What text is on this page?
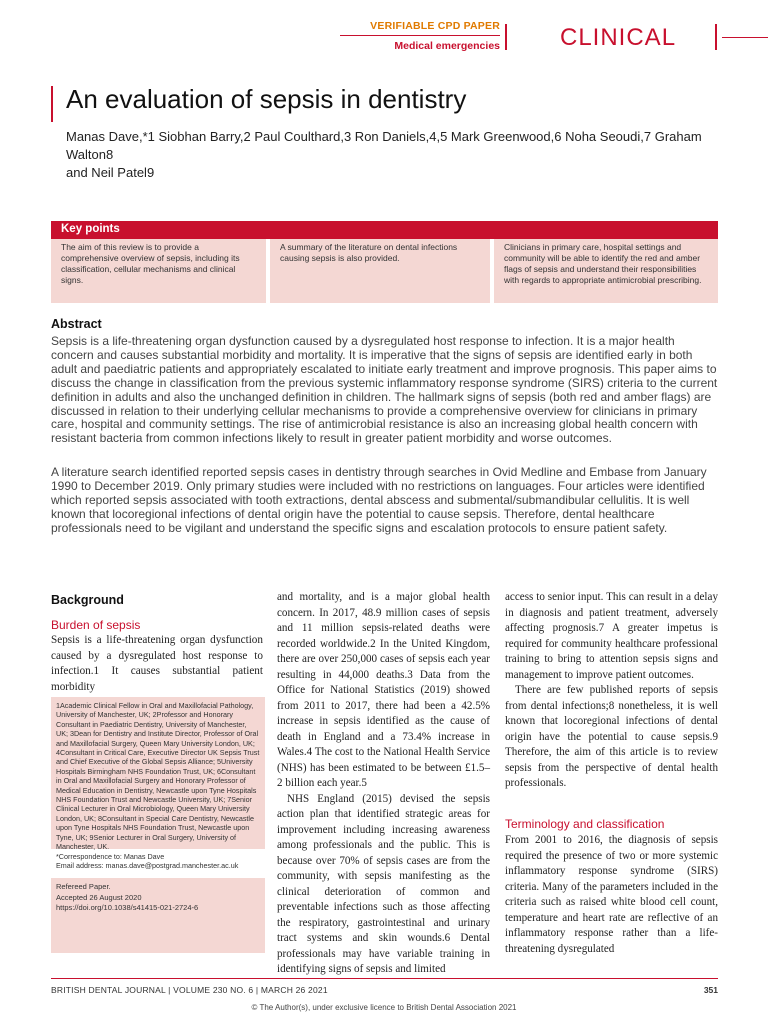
VERIFIABLE CPD PAPER
Medical emergencies	CLINICAL
An evaluation of sepsis in dentistry
Manas Dave,*1 Siobhan Barry,2 Paul Coulthard,3 Ron Daniels,4,5 Mark Greenwood,6 Noha Seoudi,7 Graham Walton8
and Neil Patel9
Key points
The aim of this review is to provide a comprehensive overview of sepsis, including its classification, cellular mechanisms and clinical signs.
A summary of the literature on dental infections causing sepsis is also provided.
Clinicians in primary care, hospital settings and community will be able to identify the red and amber flags of sepsis and understand their responsibilities with regards to appropriate antimicrobial prescribing.
Abstract
Sepsis is a life-threatening organ dysfunction caused by a dysregulated host response to infection. It is a major health concern and causes substantial morbidity and mortality. It is imperative that the signs of sepsis are identified early in both adult and paediatric patients and appropriately escalated to initiate early treatment and improve prognosis. This paper aims to discuss the change in classification from the previous systemic inflammatory response syndrome (SIRS) criteria to the current definition in adults and also the unchanged definition in children. The hallmark signs of sepsis (both red and amber flags) are discussed in relation to their underlying cellular mechanisms to provide a comprehensive overview for clinicians in primary care, hospital and community settings. The rise of antimicrobial resistance is also an increasing global health concern with resistant bacteria from common infections likely to result in greater patient morbidity and worse outcomes.
A literature search identified reported sepsis cases in dentistry through searches in Ovid Medline and Embase from January 1990 to December 2019. Only primary studies were included with no restrictions on languages. Four articles were identified which reported sepsis associated with tooth extractions, dental abscess and submental/submandibular cellulitis. It is well known that locoregional infections of dental origin have the potential to cause sepsis. Therefore, dental healthcare professionals need to be vigilant and understand the specific signs and escalation protocols to ensure patient safety.
Background
Burden of sepsis
Sepsis is a life-threatening organ dysfunction caused by a dysregulated host response to infection.1 It causes substantial patient morbidity
1Academic Clinical Fellow in Oral and Maxillofacial Pathology, University of Manchester, UK; 2Professor and Honorary Consultant in Paediatric Dentistry, University of Manchester, UK; 3Dean for Dentistry and Institute Director, Professor of Oral and Maxillofacial Surgery, Queen Mary University London, UK; 4Consultant in Critical Care, Executive Director UK Sepsis Trust and Chief Executive of the Global Sepsis Alliance; 5University Hospitals Birmingham NHS Foundation Trust, UK; 6Consultant in Oral and Maxillofacial Surgery and Honorary Professor of Medical Education in Dentistry, Newcastle upon Tyne Hospitals NHS Foundation Trust and Newcastle University, UK; 7Senior Clinical Lecturer in Oral Microbiology, Queen Mary University London, UK; 8Consultant in Special Care Dentistry, Newcastle upon Tyne Hospitals NHS Foundation Trust, Newcastle upon Tyne, UK; 9Senior Lecturer in Oral Surgery, University of Manchester, UK.
*Correspondence to: Manas Dave
Email address: manas.dave@postgrad.manchester.ac.uk
Refereed Paper.
Accepted 26 August 2020
https://doi.org/10.1038/s41415-021-2724-6

and mortality, and is a major global health concern. In 2017, 48.9 million cases of sepsis and 11 million sepsis-related deaths were recorded worldwide.2 In the United Kingdom, there are over 250,000 cases of sepsis each year resulting in 44,000 deaths.3 Data from the Office for National Statistics (2019) showed from 2011 to 2017, there had been a 42.5% increase in sepsis identified as the cause of death in England and a 73.4% increase in Wales.4 The cost to the National Health Service (NHS) has been estimated to be between £1.5–2 billion each year.5

NHS England (2015) devised the sepsis action plan that identified strategic areas for improvement including increasing awareness among professionals and the public. This is because over 70% of sepsis cases are from the community, with sepsis manifesting as the clinical deterioration of common and preventable infections such as those affecting the respiratory, gastrointestinal and urinary tract systems and skin wounds.6 Dental professionals may have variable training in identifying signs of sepsis and limited

access to senior input. This can result in a delay in diagnosis and patient treatment, adversely affecting prognosis.7 A greater impetus is required for community healthcare professional training to bring to attention sepsis signs and management to improve patient outcomes.

There are few published reports of sepsis from dental infections;8 nonetheless, it is well known that locoregional infections of dental origin have the potential to cause sepsis.9 Therefore, the aim of this article is to review sepsis from the perspective of dental health professionals.

Terminology and classification
From 2001 to 2016, the diagnosis of sepsis required the presence of two or more systemic inflammatory response syndrome (SIRS) criteria. Many of the parameters included in the criteria such as raised white blood cell count, temperature and heart rate are reflective of an inflammatory response rather than a life-threatening dysregulated
BRITISH DENTAL JOURNAL | VOLUME 230 NO. 6 | MARCH 26 2021	351
© The Author(s), under exclusive licence to British Dental Association 2021
